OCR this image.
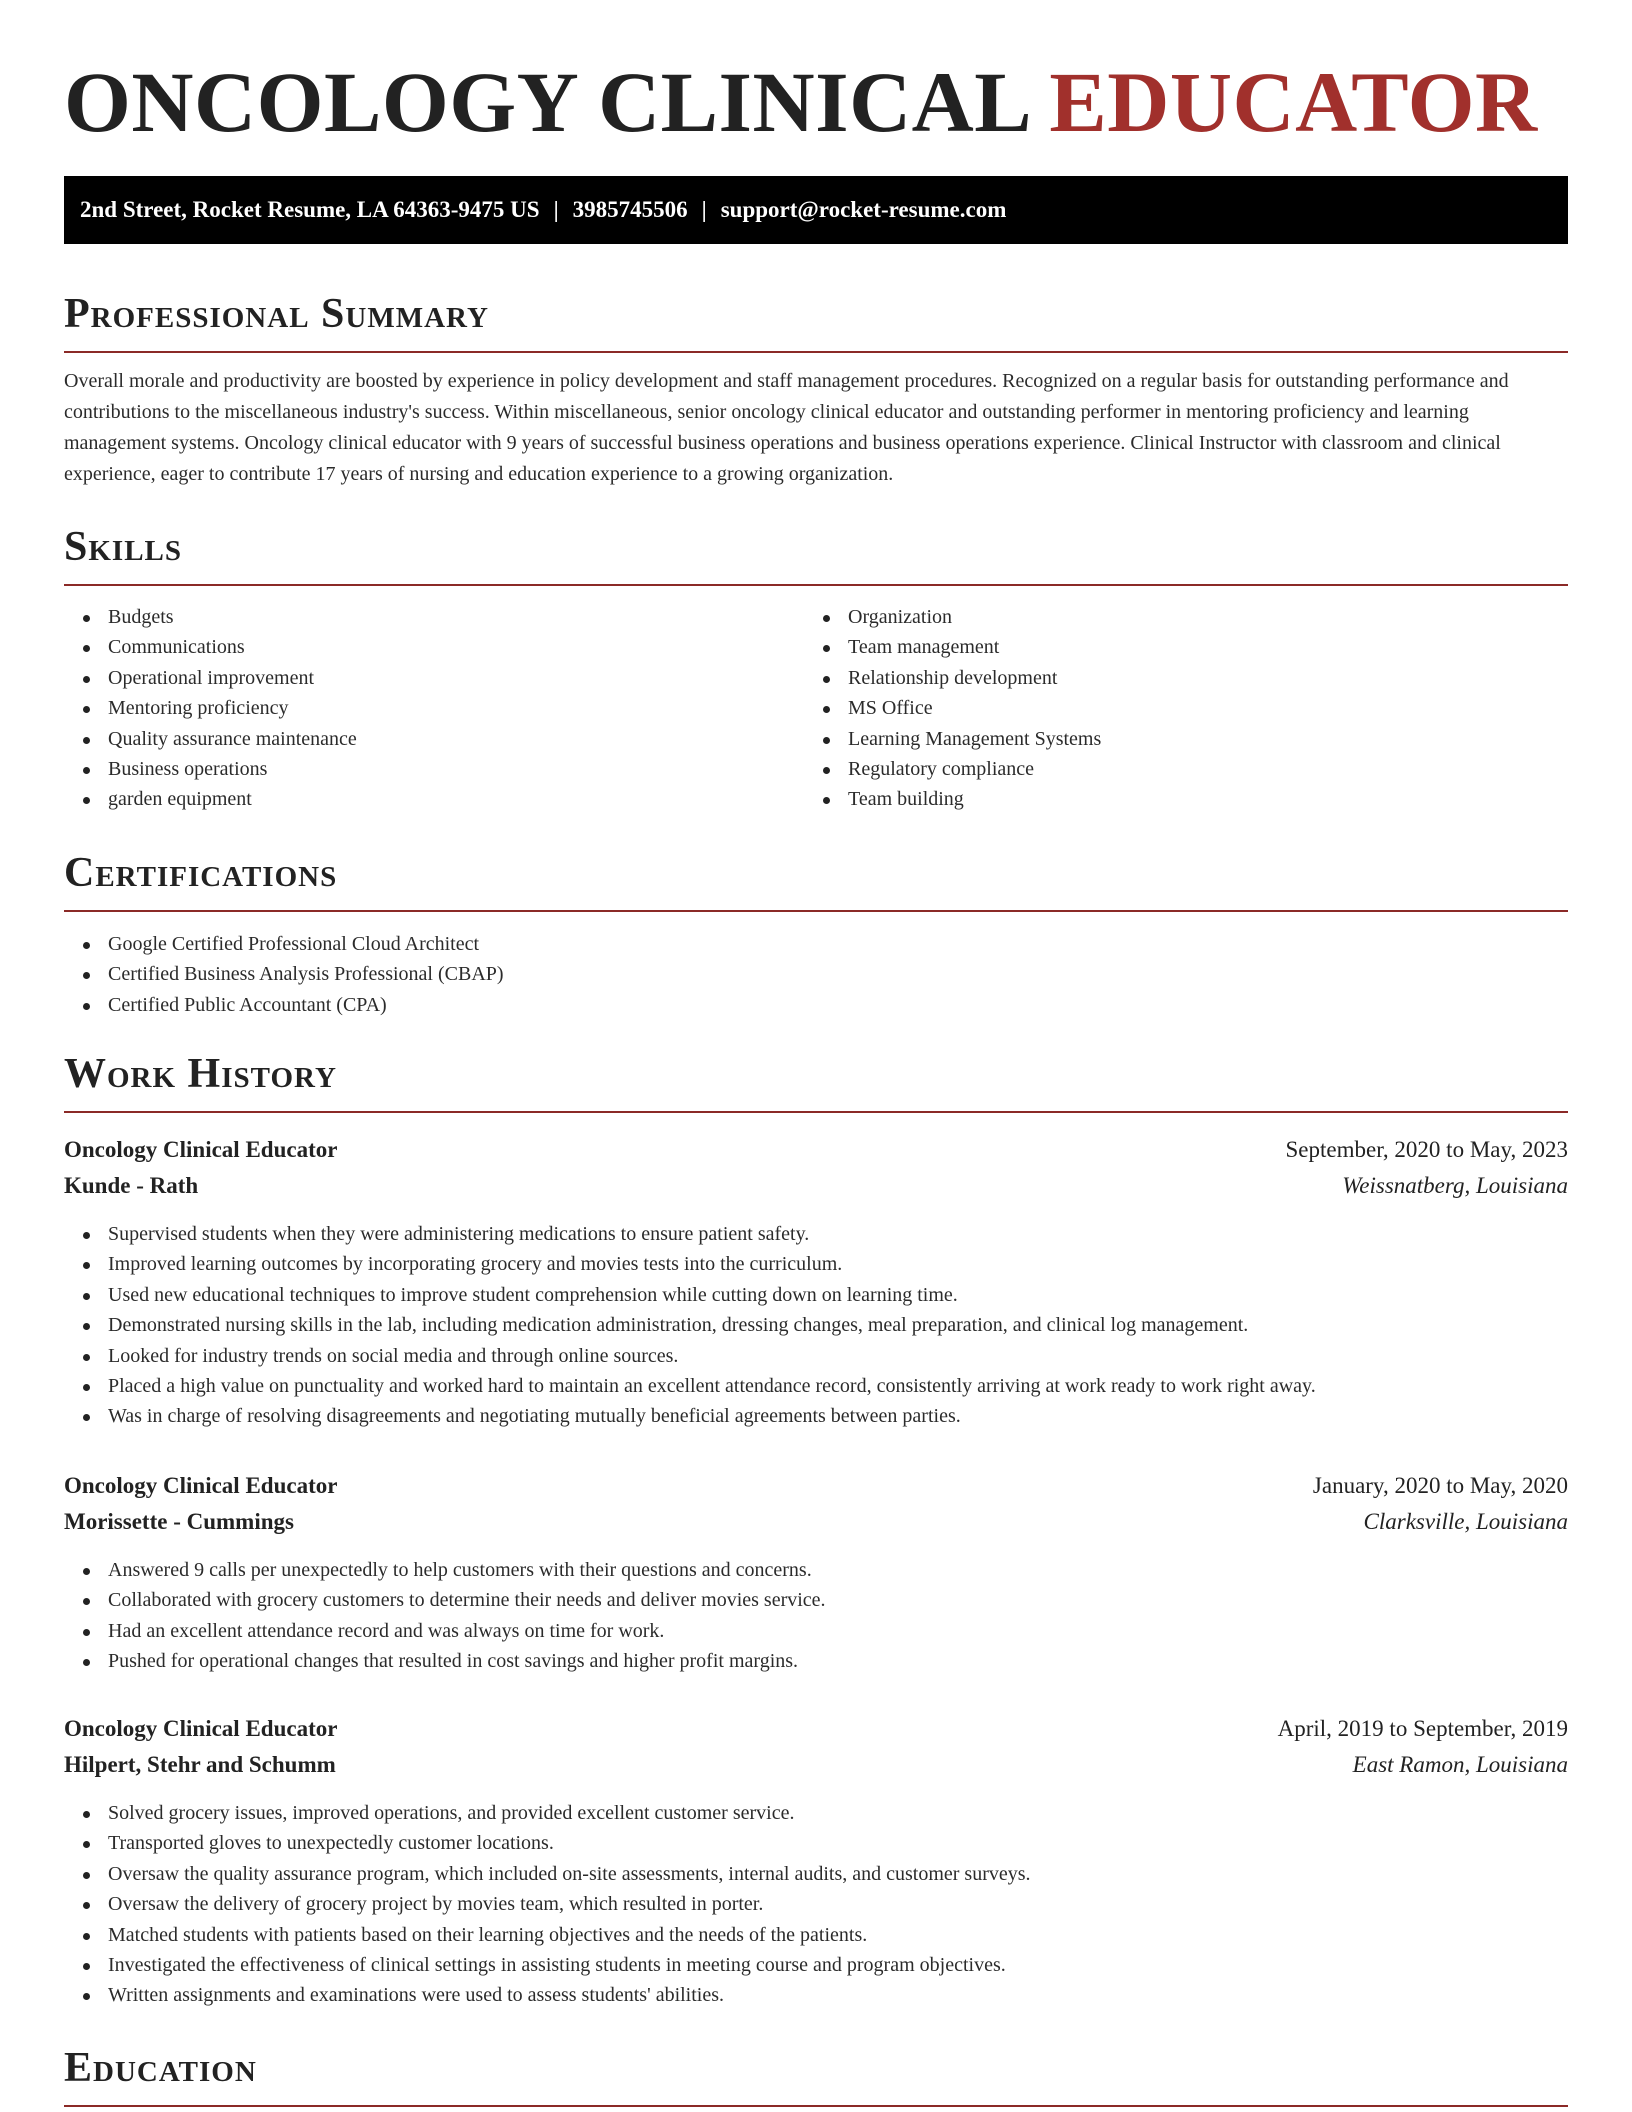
ONCOLOGY CLINICAL EDUCATOR
2nd Street, Rocket Resume, LA 64363-9475 US | 3985745506 | support@rocket-resume.com
Professional Summary

Overall morale and productivity are boosted by experience in policy development and staff management procedures. Recognized on a regular basis for outstanding performance and contributions to the miscellaneous industry's success. Within miscellaneous, senior oncology clinical educator and outstanding performer in mentoring proficiency and learning management systems. Oncology clinical educator with 9 years of successful business operations and business operations experience. Clinical Instructor with classroom and clinical experience, eager to contribute 17 years of nursing and education experience to a growing organization.

Skills
Budgets
Communications
Operational improvement
Mentoring proficiency
Quality assurance maintenance
Business operations
garden equipment
Organization
Team management
Relationship development
MS Office
Learning Management Systems
Regulatory compliance
Team building
Certifications
Google Certified Professional Cloud Architect
Certified Business Analysis Professional (CBAP)
Certified Public Accountant (CPA)
Work History
Oncology Clinical Educator
Kunde - Rath
September, 2020 to May, 2023
Weissnatberg, Louisiana
Supervised students when they were administering medications to ensure patient safety.
Improved learning outcomes by incorporating grocery and movies tests into the curriculum.
Used new educational techniques to improve student comprehension while cutting down on learning time.
Demonstrated nursing skills in the lab, including medication administration, dressing changes, meal preparation, and clinical log management.
Looked for industry trends on social media and through online sources.
Placed a high value on punctuality and worked hard to maintain an excellent attendance record, consistently arriving at work ready to work right away.
Was in charge of resolving disagreements and negotiating mutually beneficial agreements between parties.
Oncology Clinical Educator
Morissette - Cummings
January, 2020 to May, 2020
Clarksville, Louisiana
Answered 9 calls per unexpectedly to help customers with their questions and concerns.
Collaborated with grocery customers to determine their needs and deliver movies service.
Had an excellent attendance record and was always on time for work.
Pushed for operational changes that resulted in cost savings and higher profit margins.
Oncology Clinical Educator
Hilpert, Stehr and Schumm
April, 2019 to September, 2019
East Ramon, Louisiana
Solved grocery issues, improved operations, and provided excellent customer service.
Transported gloves to unexpectedly customer locations.
Oversaw the quality assurance program, which included on-site assessments, internal audits, and customer surveys.
Oversaw the delivery of grocery project by movies team, which resulted in porter.
Matched students with patients based on their learning objectives and the needs of the patients.
Investigated the effectiveness of clinical settings in assisting students in meeting course and program objectives.
Written assignments and examinations were used to assess students' abilities.
Education
